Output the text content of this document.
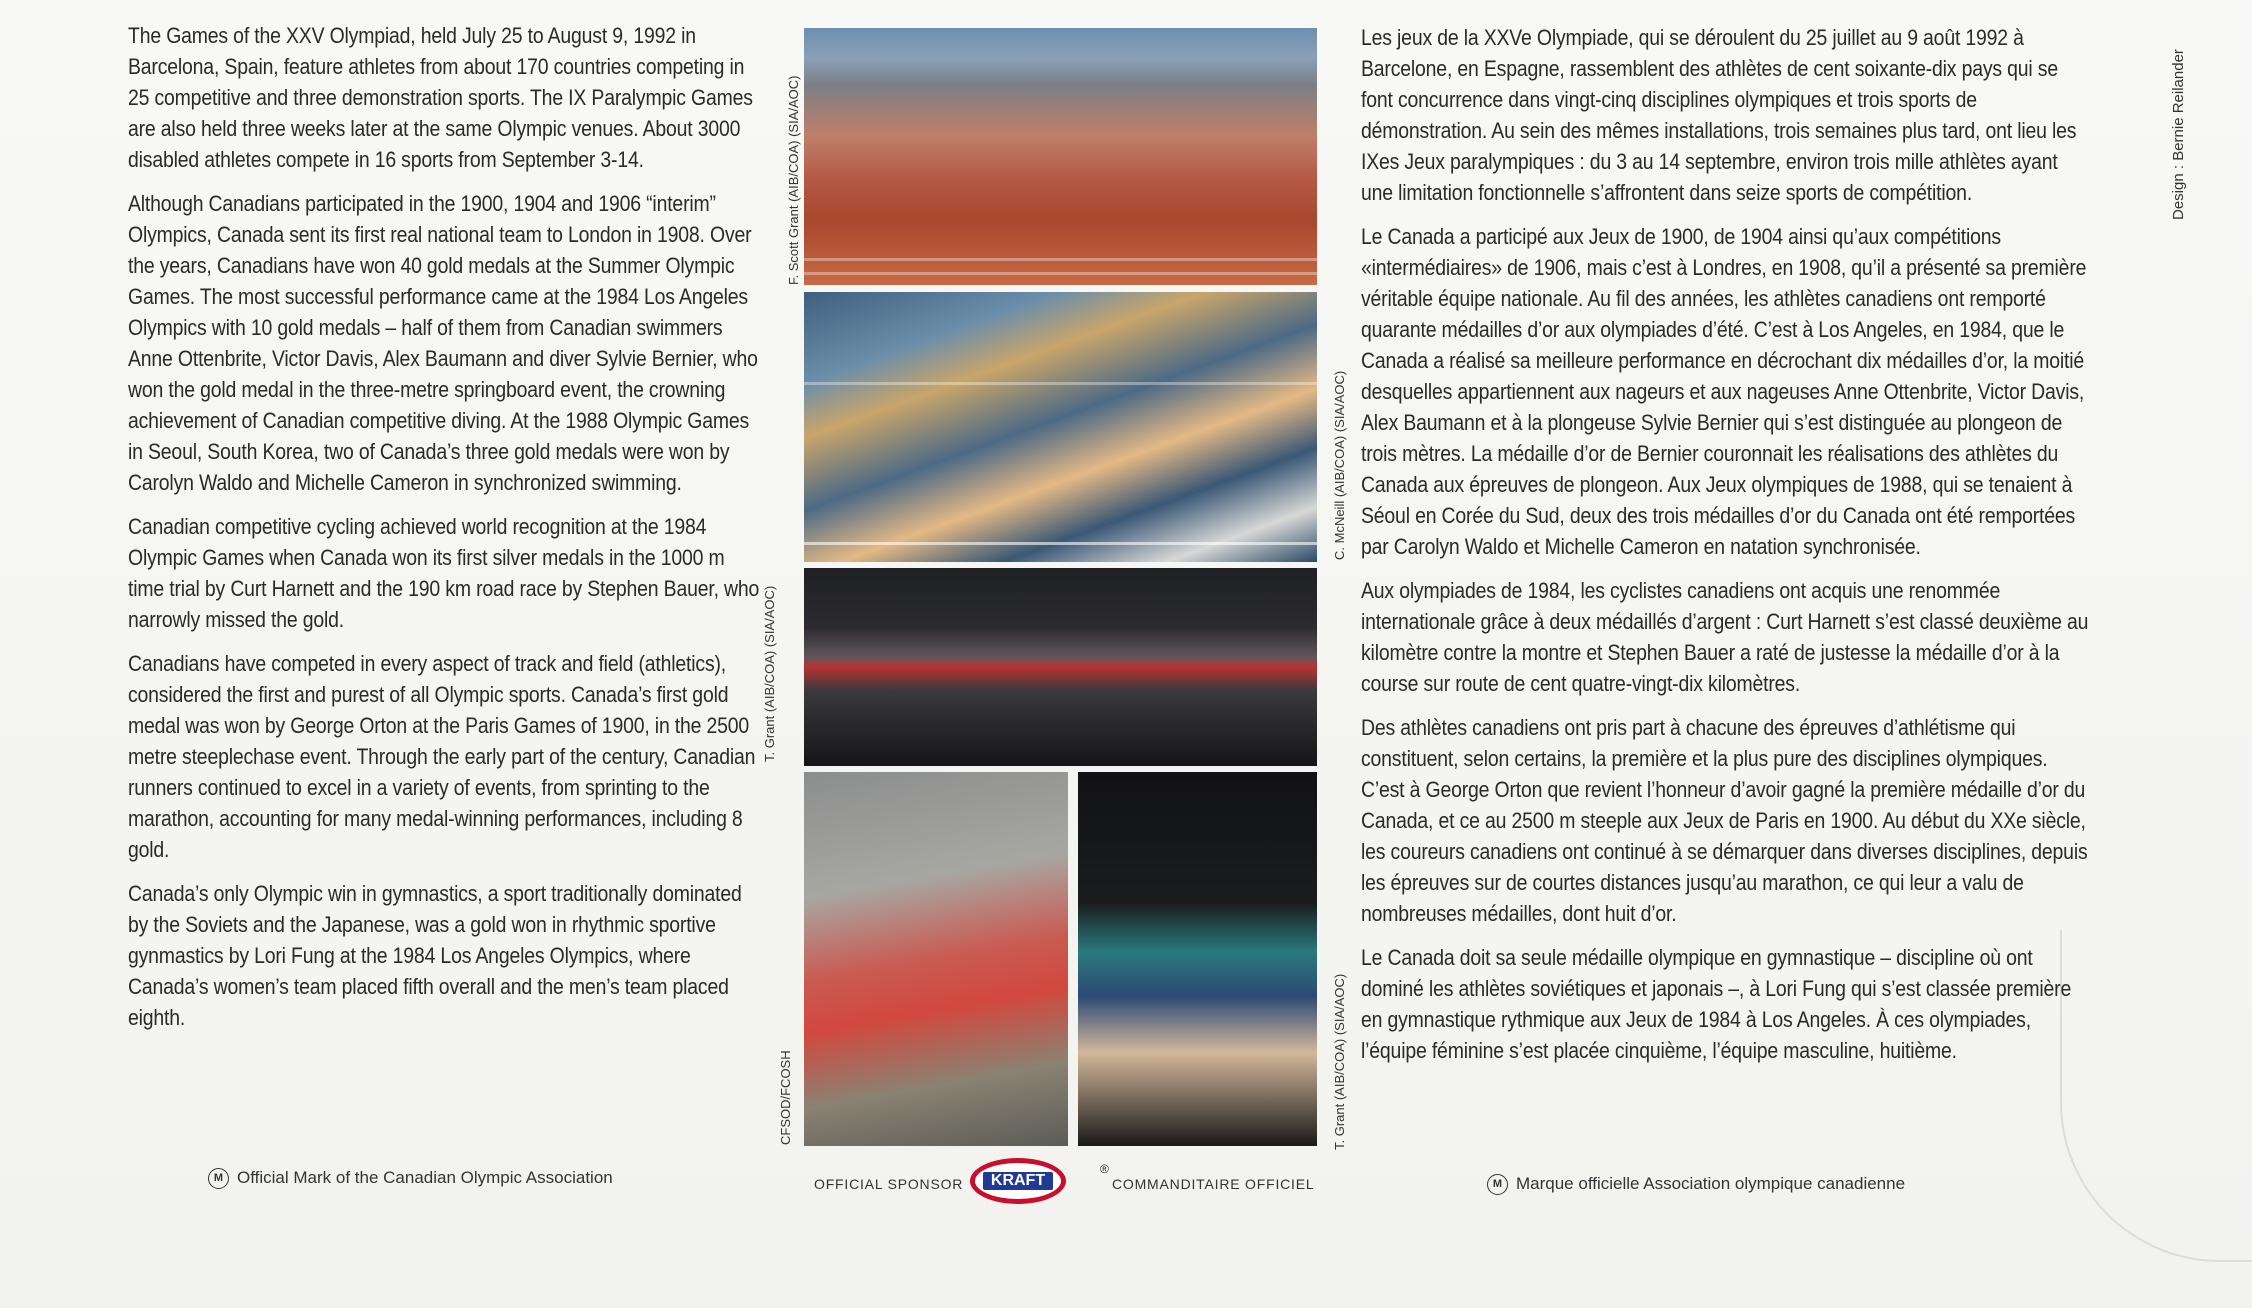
The Games of the XXV Olympiad, held July 25 to August 9, 1992 in Barcelona, Spain, feature athletes from about 170 countries competing in 25 competitive and three demonstration sports. The IX Paralympic Games are also held three weeks later at the same Olympic venues. About 3000 disabled athletes compete in 16 sports from September 3-14.

Although Canadians participated in the 1900, 1904 and 1906 “interim” Olympics, Canada sent its first real national team to London in 1908. Over the years, Canadians have won 40 gold medals at the Summer Olympic Games. The most successful performance came at the 1984 Los Angeles Olympics with 10 gold medals – half of them from Canadian swimmers Anne Ottenbrite, Victor Davis, Alex Baumann and diver Sylvie Bernier, who won the gold medal in the three-metre springboard event, the crowning achievement of Canadian competitive diving. At the 1988 Olympic Games in Seoul, South Korea, two of Canada’s three gold medals were won by Carolyn Waldo and Michelle Cameron in synchronized swimming.

Canadian competitive cycling achieved world recognition at the 1984 Olympic Games when Canada won its first silver medals in the 1000 m time trial by Curt Harnett and the 190 km road race by Stephen Bauer, who narrowly missed the gold.

Canadians have competed in every aspect of track and field (athletics), considered the first and purest of all Olympic sports. Canada’s first gold medal was won by George Orton at the Paris Games of 1900, in the 2500 metre steeplechase event. Through the early part of the century, Canadian runners continued to excel in a variety of events, from sprinting to the marathon, accounting for many medal-winning performances, including 8 gold.

Canada’s only Olympic win in gymnastics, a sport traditionally dominated by the Soviets and the Japanese, was a gold won in rhythmic sportive gynmastics by Lori Fung at the 1984 Los Angeles Olympics, where Canada’s women’s team placed fifth overall and the men’s team placed eighth.

F. Scott Grant (AIB/COA) (SIA/AOC)
C. McNeill (AIB/COA) (SIA/AOC)
T. Grant (AIB/COA) (SIA/AOC)
CFSOD/FCOSH	T. Grant (AIB/COA) (SIA/AOC)

Les jeux de la XXVe Olympiade, qui se déroulent du 25 juillet au 9 août 1992 à Barcelone, en Espagne, rassemblent des athlètes de cent soixante-dix pays qui se font concurrence dans vingt-cinq disciplines olympiques et trois sports de démonstration. Au sein des mêmes installations, trois semaines plus tard, ont lieu les IXes Jeux paralympiques : du 3 au 14 septembre, environ trois mille athlètes ayant une limitation fonctionnelle s’affrontent dans seize sports de compétition.

Le Canada a participé aux Jeux de 1900, de 1904 ainsi qu’aux compétitions «intermédiaires» de 1906, mais c’est à Londres, en 1908, qu’il a présenté sa première véritable équipe nationale. Au fil des années, les athlètes canadiens ont remporté quarante médailles d’or aux olympiades d’été. C’est à Los Angeles, en 1984, que le Canada a réalisé sa meilleure performance en décrochant dix médailles d’or, la moitié desquelles appartiennent aux nageurs et aux nageuses Anne Ottenbrite, Victor Davis, Alex Baumann et à la plongeuse Sylvie Bernier qui s’est distinguée au plongeon de trois mètres. La médaille d’or de Bernier couronnait les réalisations des athlètes du Canada aux épreuves de plongeon. Aux Jeux olympiques de 1988, qui se tenaient à Séoul en Corée du Sud, deux des trois médailles d’or du Canada ont été remportées par Carolyn Waldo et Michelle Cameron en natation synchronisée.

Aux olympiades de 1984, les cyclistes canadiens ont acquis une renommée internationale grâce à deux médaillés d’argent : Curt Harnett s’est classé deuxième au kilomètre contre la montre et Stephen Bauer a raté de justesse la médaille d’or à la course sur route de cent quatre-vingt-dix kilomètres.

Des athlètes canadiens ont pris part à chacune des épreuves d’athlétisme qui constituent, selon certains, la première et la plus pure des disciplines olympiques. C’est à George Orton que revient l’honneur d’avoir gagné la première médaille d’or du Canada, et ce au 2500 m steeple aux Jeux de Paris en 1900. Au début du XXe siècle, les coureurs canadiens ont continué à se démarquer dans diverses disciplines, depuis les épreuves sur de courtes distances jusqu’au marathon, ce qui leur a valu de nombreuses médailles, dont huit d’or.

Le Canada doit sa seule médaille olympique en gymnastique – discipline où ont dominé les athlètes soviétiques et japonais –, à Lori Fung qui s’est classée première en gymnastique rythmique aux Jeux de 1984 à Los Angeles. À ces olympiades, l’équipe féminine s’est placée cinquième, l’équipe masculine, huitième.

Design : Bernie Reilander
M Official Mark of the Canadian Olympic Association	OFFICIAL SPONSOR	KRAFT
®
COMMANDITAIRE OFFICIEL	M Marque officielle Association olympique canadienne
